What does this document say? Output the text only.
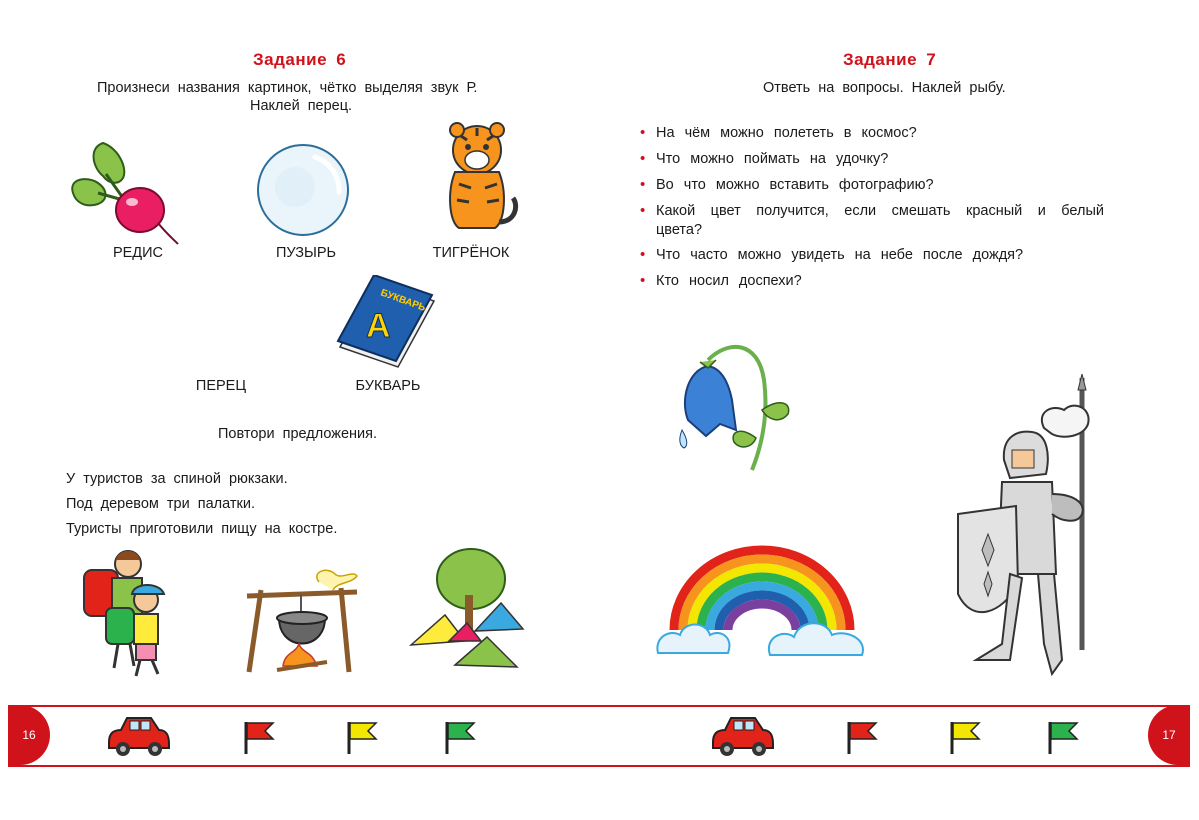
Задание 6
Произнеси названия картинок, чётко выделяя звук Р.
Наклей перец.
РЕДИС	ПУЗЫРЬ	ТИГРЁНОК
ПЕРЕЦ
БУКВАРЬ
А
БУКВАРЬ
Повтори предложения.
У туристов за спиной рюкзаки.
Под деревом три палатки.
Туристы приготовили пищу на костре.
16
Задание 7
Ответь на вопросы. Наклей рыбу.
• На чём можно полететь в космос?
• Что можно поймать на удочку?
• Во что можно вставить фотографию?
• Какой цвет получится, если смешать красный и белый цвета?
• Что часто можно увидеть на небе после дождя?
• Кто носил доспехи?
17
